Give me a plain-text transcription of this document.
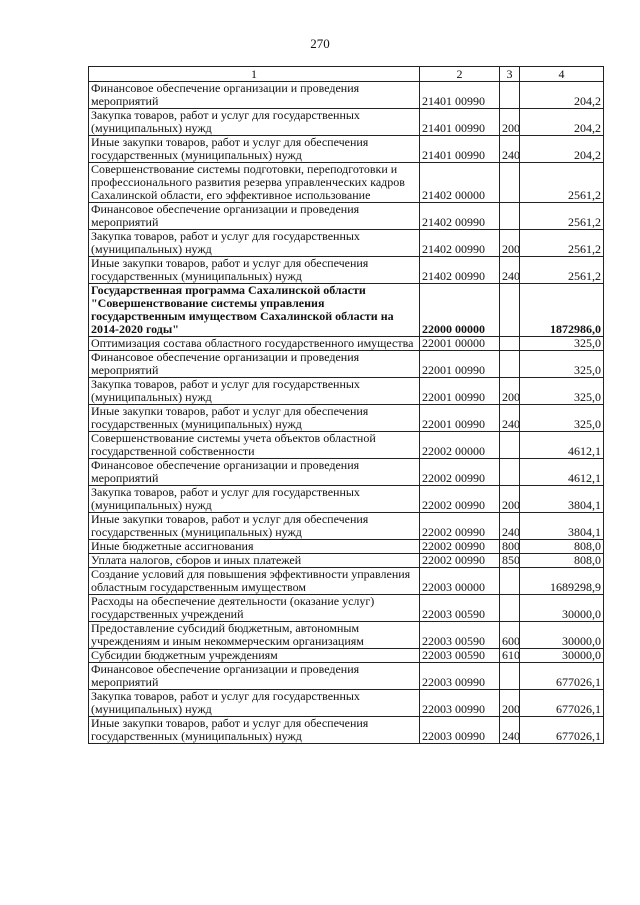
270
1	2	3	4
Финансовое обеспечение организации и проведения мероприятий	21401 00990		204,2
Закупка товаров, работ и услуг для государственных (муниципальных) нужд	21401 00990	200	204,2
Иные закупки товаров, работ и услуг для обеспечения государственных (муниципальных) нужд	21401 00990	240	204,2
Совершенствование системы подготовки, переподготовки и профессионального развития резерва управленческих кадров Сахалинской области, его эффективное использование	21402 00000		2561,2
Финансовое обеспечение организации и проведения мероприятий	21402 00990		2561,2
Закупка товаров, работ и услуг для государственных (муниципальных) нужд	21402 00990	200	2561,2
Иные закупки товаров, работ и услуг для обеспечения государственных (муниципальных) нужд	21402 00990	240	2561,2
Государственная программа Сахалинской области "Совершенствование системы управления государственным имуществом Сахалинской области на 2014-2020 годы"	22000 00000		1872986,0
Оптимизация состава областного государственного имущества	22001 00000		325,0
Финансовое обеспечение организации и проведения мероприятий	22001 00990		325,0
Закупка товаров, работ и услуг для государственных (муниципальных) нужд	22001 00990	200	325,0
Иные закупки товаров, работ и услуг для обеспечения государственных (муниципальных) нужд	22001 00990	240	325,0
Совершенствование системы учета объектов областной государственной собственности	22002 00000		4612,1
Финансовое обеспечение организации и проведения мероприятий	22002 00990		4612,1
Закупка товаров, работ и услуг для государственных (муниципальных) нужд	22002 00990	200	3804,1
Иные закупки товаров, работ и услуг для обеспечения государственных (муниципальных) нужд	22002 00990	240	3804,1
Иные бюджетные ассигнования	22002 00990	800	808,0
Уплата налогов, сборов и иных платежей	22002 00990	850	808,0
Создание условий для повышения эффективности управления областным государственным имуществом	22003 00000		1689298,9
Расходы на обеспечение деятельности (оказание услуг) государственных учреждений	22003 00590		30000,0
Предоставление субсидий бюджетным, автономным учреждениям и иным некоммерческим организациям	22003 00590	600	30000,0
Субсидии бюджетным учреждениям	22003 00590	610	30000,0
Финансовое обеспечение организации и проведения мероприятий	22003 00990		677026,1
Закупка товаров, работ и услуг для государственных (муниципальных) нужд	22003 00990	200	677026,1
Иные закупки товаров, работ и услуг для обеспечения государственных (муниципальных) нужд	22003 00990	240	677026,1
